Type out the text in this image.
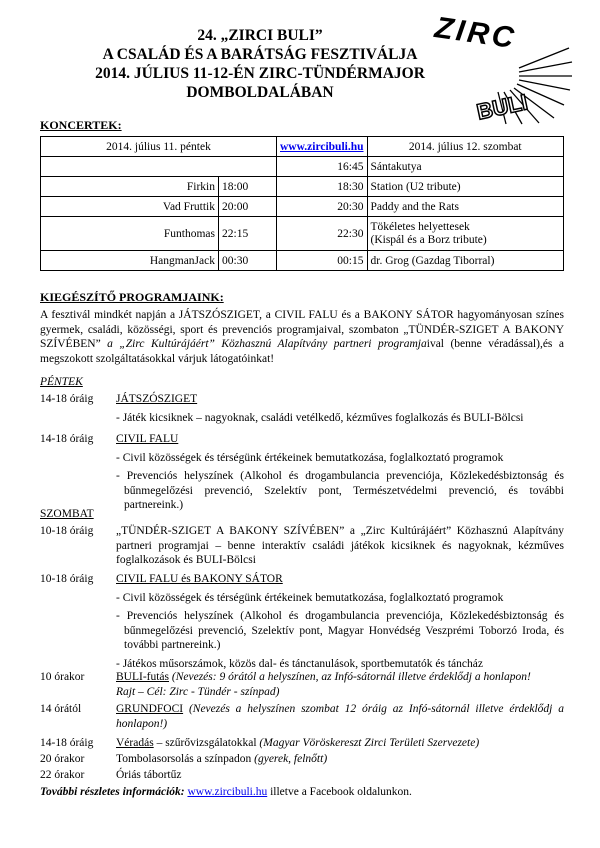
24. „ZIRCI BULI”
A CSALÁD ÉS A BARÁTSÁG FESZTIVÁLJA
2014. JÚLIUS 11-12-ÉN ZIRC-TÜNDÉRMAJOR
DOMBOLDALÁBAN
ZIRC
BULI
KONCERTEK:
2014. július 11. péntek		www.zircibuli.hu	2014. július 12. szombat
		16:45	Sántakutya
Firkin	18:00	18:30	Station (U2 tribute)
Vad Fruttik	20:00	20:30	Paddy and the Rats
Funthomas	22:15	22:30	Tökéletes helyettesek
(Kispál és a Borz tribute)

HangmanJack	00:30	00:15	dr. Grog (Gazdag Tiborral)
KIEGÉSZÍTŐ PROGRAMJAINK:
A fesztivál mindkét napján a JÁTSZÓSZIGET, a CIVIL FALU és a BAKONY SÁTOR hagyományosan színes gyermek, családi, közösségi, sport és prevenciós programjaival, szombaton „TÜNDÉR-SZIGET A BAKONY SZÍVÉBEN” a „Zirc Kultúrájáért” Közhasznú Alapítvány partneri programjaival (benne véradással),és a megszokott szolgáltatásokkal várjuk látogatóinkat!
PÉNTEK
14-18 óráig	JÁTSZÓSZIGET
- Játék kicsiknek – nagyoknak, családi vetélkedő, kézműves foglalkozás és BULI-Bölcsi
14-18 óráig	CIVIL FALU
- Civil közösségek és térségünk értékeinek bemutatkozása, foglalkoztató programok
- Prevenciós helyszínek (Alkohol és drogambulancia prevenciója, Közlekedésbiztonság és bűnmegelőzési prevenció, Szelektív pont, Természetvédelmi prevenció, és további partnereink.)
SZOMBAT
10-18 óráig	„TÜNDÉR-SZIGET A BAKONY SZÍVÉBEN” a „Zirc Kultúrájáért” Közhasznú Alapítvány partneri programjai – benne interaktív családi játékok kicsiknek és nagyoknak, kézműves foglalkozások és BULI-Bölcsi
10-18 óráig	CIVIL FALU és BAKONY SÁTOR
- Civil közösségek és térségünk értékeinek bemutatkozása, foglalkoztató programok
- Prevenciós helyszínek (Alkohol és drogambulancia prevenciója, Közlekedésbiztonság és bűnmegelőzési prevenció, Szelektív pont, Magyar Honvédség Veszprémi Toborzó Iroda, és további partnereink.)
- Játékos műsorszámok, közös dal- és tánctanulások, sportbemutatók és táncház
10 órakor	BULI-futás (Nevezés: 9 órától a helyszínen, az Infó-sátornál illetve érdeklődj a honlapon!
Rajt – Cél: Zirc - Tündér - színpad)
14 órától	GRUNDFOCI (Nevezés a helyszínen szombat 12 óráig az Infó-sátornál illetve érdeklődj a honlapon!)
14-18 óráig	Véradás – szűrővizsgálatokkal (Magyar Vöröskereszt Zirci Területi Szervezete)
20 órakor	Tombolasorsolás a színpadon (gyerek, felnőtt)
22 órakor	Óriás tábortűz
További részletes információk: www.zircibuli.hu illetve a Facebook oldalunkon.
